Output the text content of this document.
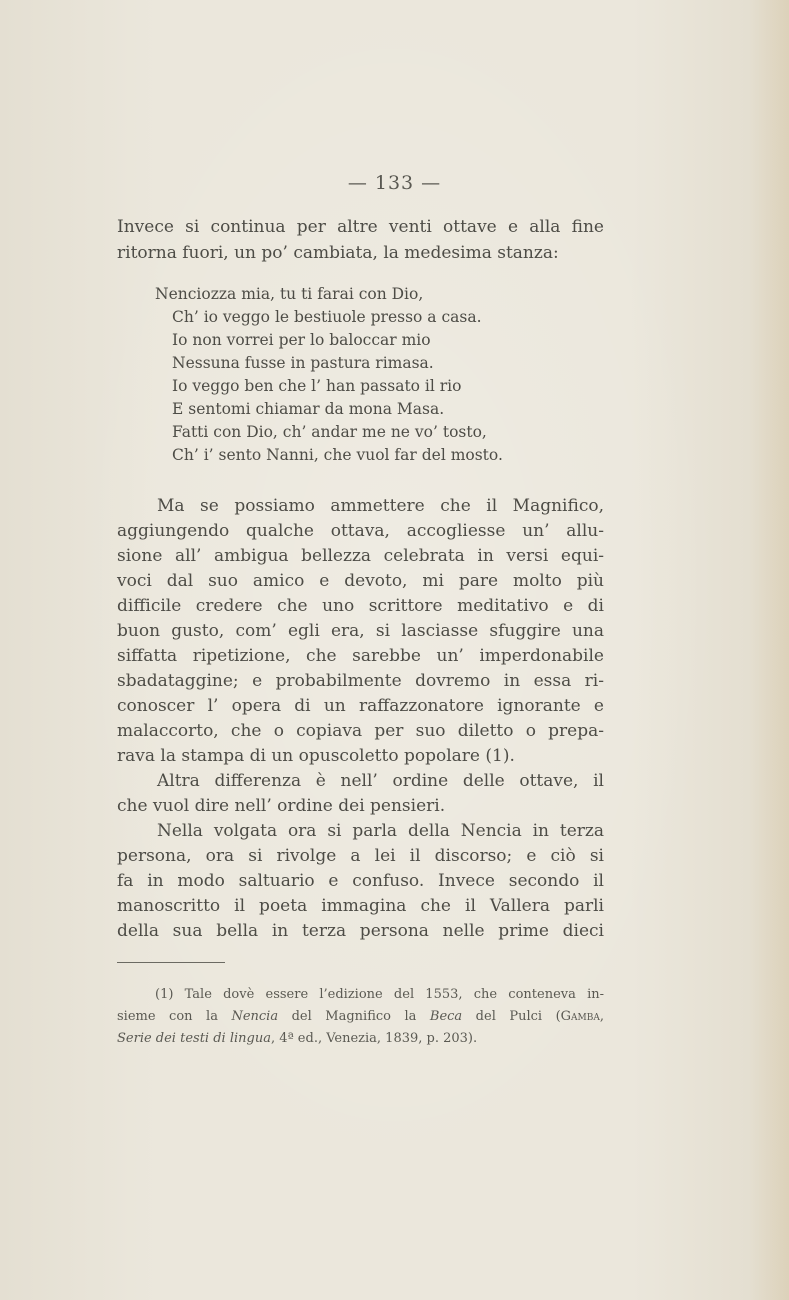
— 133 —
Invece si continua per altre venti ottave e alla fine
ritorna fuori, un po’ cambiata, la medesima stanza:
Nenciozza mia, tu ti farai con Dio,
Ch’ io veggo le bestiuole presso a casa.
Io non vorrei per lo baloccar mio
Nessuna fusse in pastura rimasa.
Io veggo ben che l’ han passato il rio
E sentomi chiamar da mona Masa.
Fatti con Dio, ch’ andar me ne vo’ tosto,
Ch’ i’ sento Nanni, che vuol far del mosto.
Ma se possiamo ammettere che il Magnifico,
aggiungendo qualche ottava, accogliesse un’ allu-
sione all’ ambigua bellezza celebrata in versi equi-
voci dal suo amico e devoto, mi pare molto più
difficile credere che uno scrittore meditativo e di
buon gusto, com’ egli era, si lasciasse sfuggire una
siffatta ripetizione, che sarebbe un’ imperdonabile
sbadataggine; e probabilmente dovremo in essa ri-
conoscer l’ opera di un raffazzonatore ignorante e
malaccorto, che o copiava per suo diletto o prepa-
rava la stampa di un opuscoletto popolare (1).
Altra differenza è nell’ ordine delle ottave, il
che vuol dire nell’ ordine dei pensieri.
Nella volgata ora si parla della Nencia in terza
persona, ora si rivolge a lei il discorso; e ciò si
fa in modo saltuario e confuso. Invece secondo il
manoscritto il poeta immagina che il Vallera parli
della sua bella in terza persona nelle prime dieci
(1) Tale dovè essere l’edizione del 1553, che conteneva in-
sieme con la Nencia del Magnifico la Beca del Pulci (Gamba,
Serie dei testi di lingua, 4ª ed., Venezia, 1839, p. 203).
